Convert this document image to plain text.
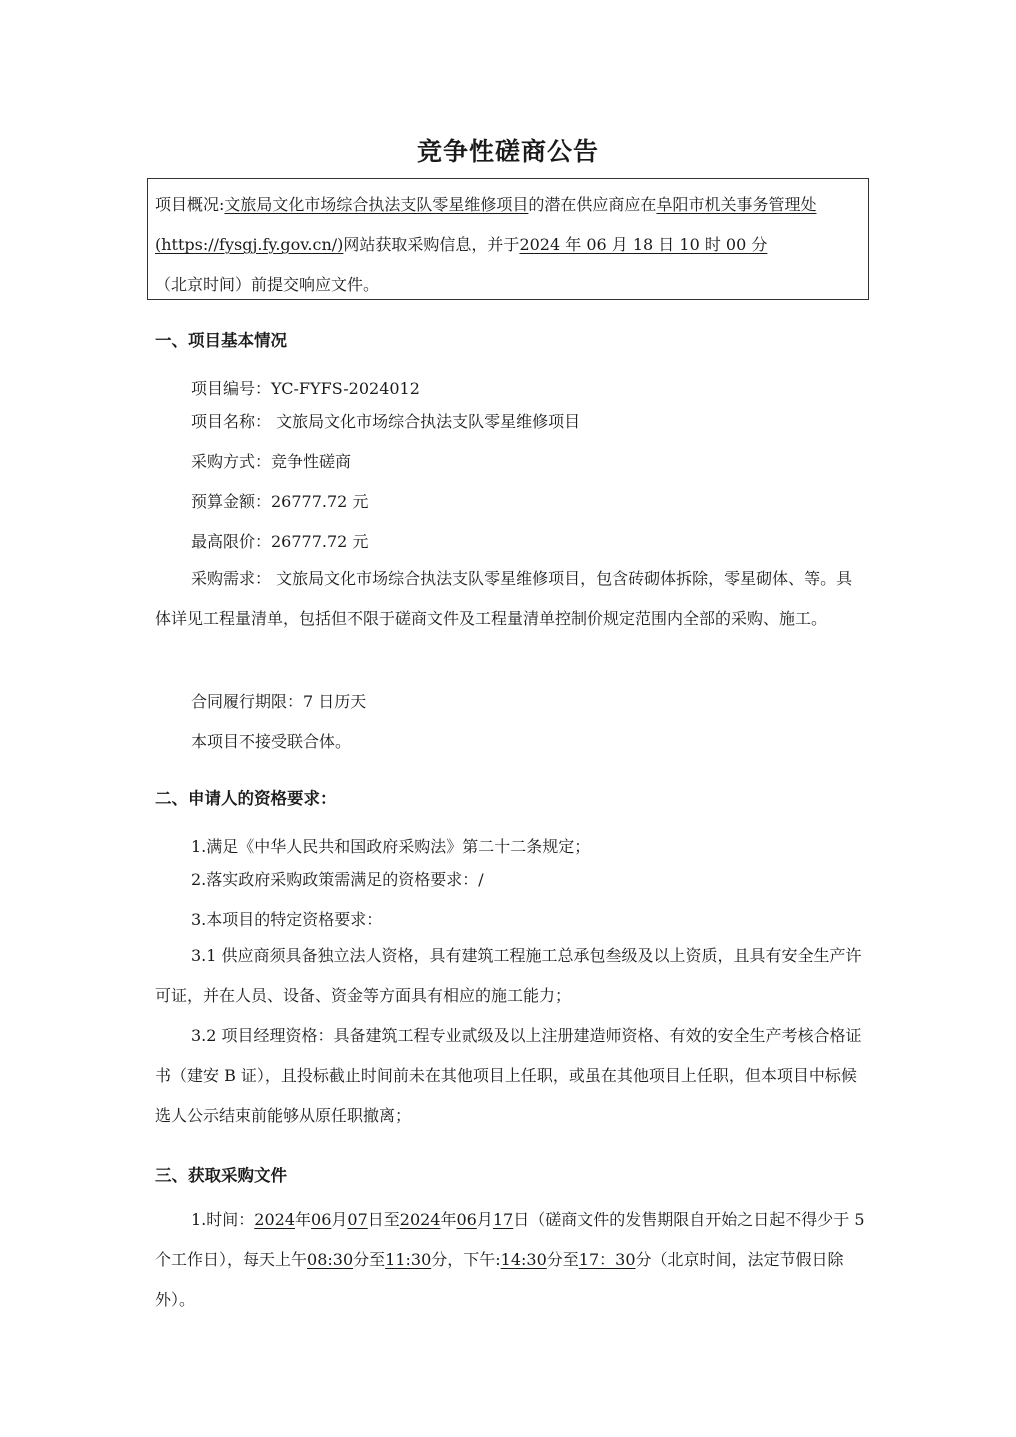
竞争性磋商公告
项目概况:文旅局文化市场综合执法支队零星维修项目的潜在供应商应在阜阳市机关事务管理处(https://fysgj.fy.gov.cn/)网站获取采购信息，并于2024 年 06 月 18 日 10 时 00 分
（北京时间）前提交响应文件。
一、项目基本情况
项目编号：YC-FYFS-2024012
项目名称： 文旅局文化市场综合执法支队零星维修项目
采购方式：竞争性磋商
预算金额：26777.72 元
最高限价：26777.72 元
采购需求： 文旅局文化市场综合执法支队零星维修项目，包含砖砌体拆除，零星砌体、等。具体详见工程量清单，包括但不限于磋商文件及工程量清单控制价规定范围内全部的采购、施工。
合同履行期限：7 日历天
本项目不接受联合体。
二、申请人的资格要求：
1.满足《中华人民共和国政府采购法》第二十二条规定；
2.落实政府采购政策需满足的资格要求：/
3.本项目的特定资格要求：
3.1 供应商须具备独立法人资格，具有建筑工程施工总承包叁级及以上资质，且具有安全生产许可证，并在人员、设备、资金等方面具有相应的施工能力；
3.2 项目经理资格：具备建筑工程专业贰级及以上注册建造师资格、有效的安全生产考核合格证书（建安 B 证），且投标截止时间前未在其他项目上任职，或虽在其他项目上任职，但本项目中标候选人公示结束前能够从原任职撤离；
三、获取采购文件
1.时间：2024年06月07日至2024年06月17日（磋商文件的发售期限自开始之日起不得少于 5 个工作日），每天上午08:30分至11:30分，下午:14:30分至17：30分（北京时间，法定节假日除外）。
